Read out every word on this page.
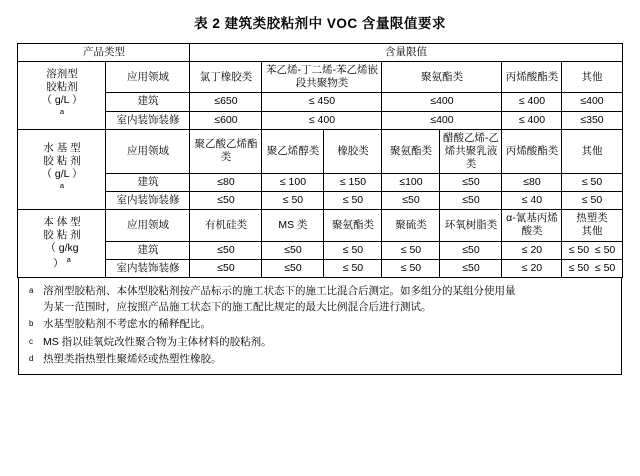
表 2 建筑类胶粘剂中 VOC 含量限值要求
产品类型		含量限值						
溶剂型
胶粘剂
（ g/L ）
$^a$	应用领域	氯丁橡胶类	苯乙烯-丁二烯-苯乙烯嵌段共聚物类		聚氨酯类		丙烯酸酯类	其他
	建筑	≤650	≤ 450		≤400		≤ 400	≤400
	室内装饰装修	≤600	≤ 400		≤400		≤ 400	≤350
水 基 型
胶 粘 剂
（ g/L ）
$^a$	应用领域	聚乙酸乙烯酯类	聚乙烯醇类	橡胶类	聚氨酯类	醋酸乙烯-乙烯共聚乳液类	丙烯酸酯类	其他
	建筑	≤80	≤ 100	≤ 150	≤100	≤50	≤80	≤ 50
	室内装饰装修	≤50	≤ 50	≤ 50	≤50	≤50	≤ 40	≤ 50
本 体 型
胶 粘 剂
（ g/kg
） $^a$	应用领域	有机硅类	MS 类	聚氨酯类	聚硫类	环氧树脂类	α-氰基丙烯酸类	热塑类
其他
	建筑	≤50	≤50	≤ 50	≤ 50	≤50	≤ 20	≤ 50 ≤ 50
	室内装饰装修	≤50	≤50	≤ 50	≤ 50	≤50	≤ 20	≤ 50 ≤ 50
a 溶剂型胶粘剂、本体型胶粘剂按产品标示的施工状态下的施工比混合后测定。如多组分的某组分使用量
为某一范围时，应按照产品施工状态下的施工配比规定的最大比例混合后进行测试。
b 水基型胶粘剂不考虑水的稀释配比。
c MS 指以硅氧烷改性聚合物为主体材料的胶粘剂。
d 热塑类指热塑性聚烯烃或热塑性橡胶。
